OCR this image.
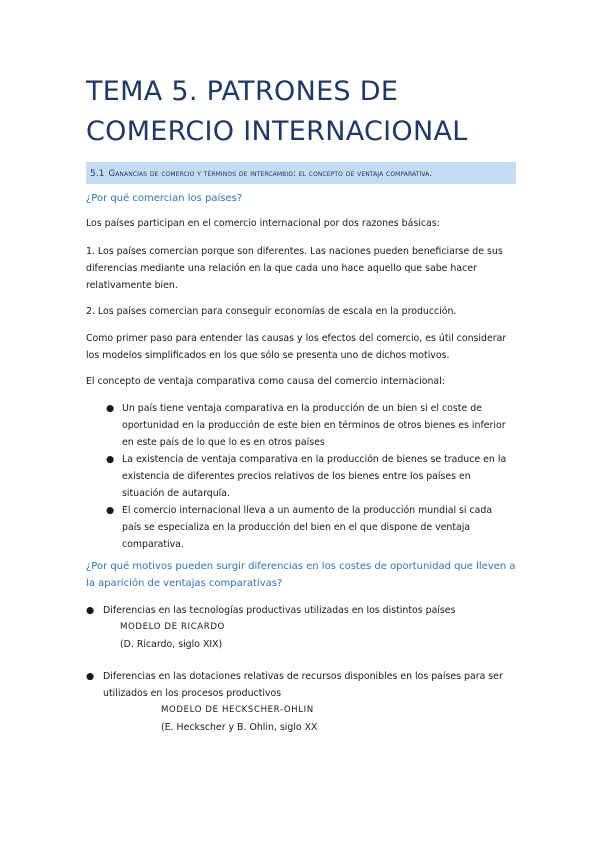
TEMA 5. PATRONES DE
COMERCIO INTERNACIONAL
5.1 Ganancias de comercio y términos de intercambio: el concepto de ventaja comparativa.

¿Por qué comercian los países?

Los países participan en el comercio internacional por dos razones básicas:

1. Los países comercian porque son diferentes. Las naciones pueden beneficiarse de sus diferencias mediante una relación en la que cada uno hace aquello que sabe hacer relativamente bien.

2. Los países comercian para conseguir economías de escala en la producción.

Como primer paso para entender las causas y los efectos del comercio, es útil considerar los modelos simplificados en los que sólo se presenta uno de dichos motivos.

El concepto de ventaja comparativa como causa del comercio internacional:

● Un país tiene ventaja comparativa en la producción de un bien si el coste de oportunidad en la producción de este bien en términos de otros bienes es inferior en este país de lo que lo es en otros países
● La existencia de ventaja comparativa en la producción de bienes se traduce en la existencia de diferentes precios relativos de los bienes entre los países en situación de autarquía.
● El comercio internacional lleva a un aumento de la producción mundial si cada país se especializa en la producción del bien en el que dispone de ventaja comparativa.

¿Por qué motivos pueden surgir diferencias en los costes de oportunidad que lleven a la aparición de ventajas comparativas?

● Diferencias en las tecnologías productivas utilizadas en los distintos países
MODELO DE RICARDO
(D. Ricardo, siglo XIX)
● Diferencias en las dotaciones relativas de recursos disponibles en los países para ser utilizados en los procesos productivos
MODELO DE HECKSCHER-OHLIN
(E. Heckscher y B. Ohlin, siglo XX
